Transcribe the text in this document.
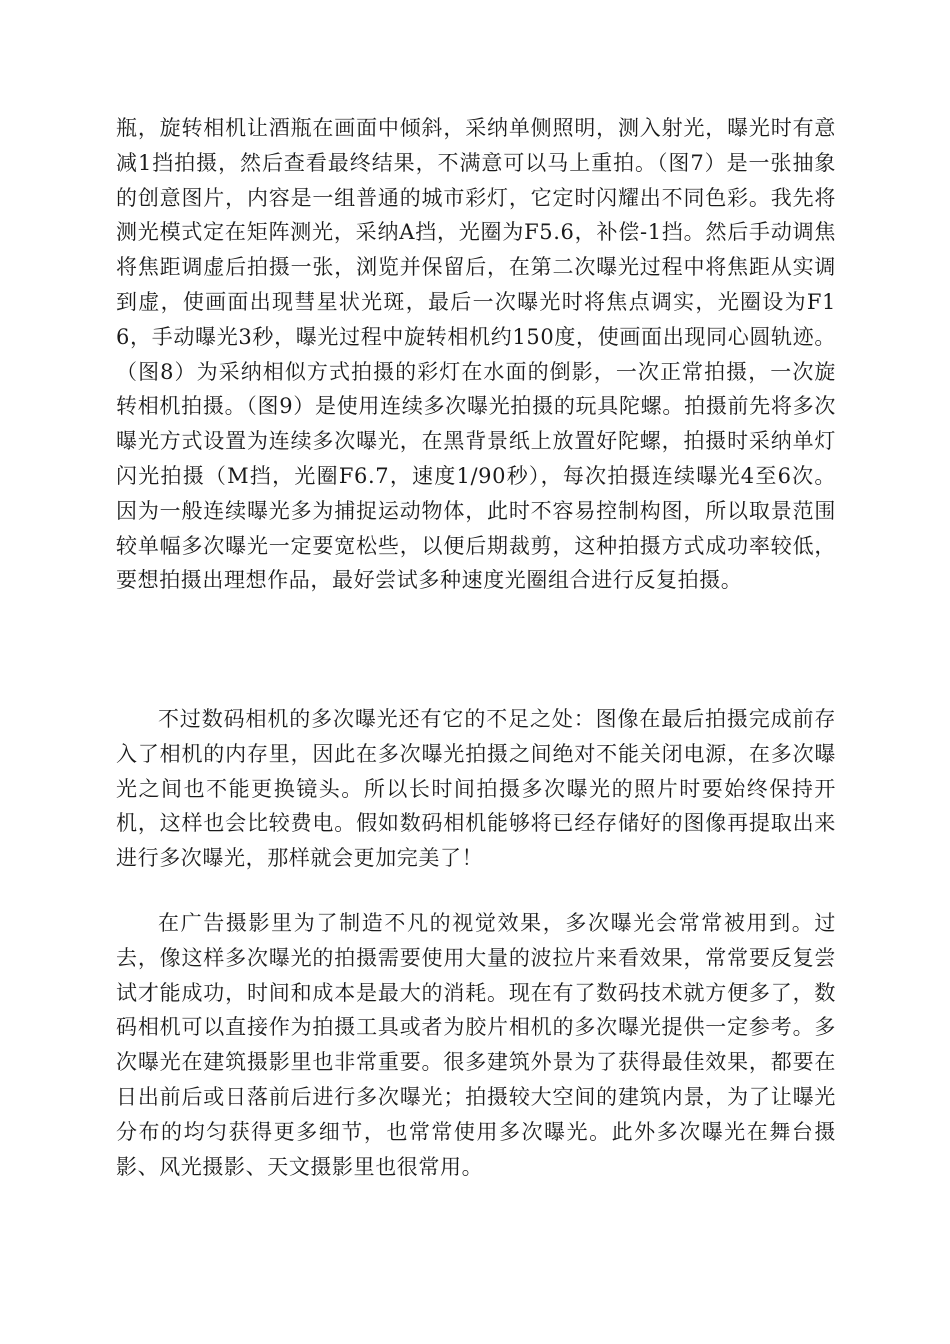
瓶，旋转相机让酒瓶在画面中倾斜，采纳单侧照明，测入射光，曝光时有意减1挡拍摄，然后查看最终结果，不满意可以马上重拍。（图7）是一张抽象的创意图片，内容是一组普通的城市彩灯，它定时闪耀出不同色彩。我先将测光模式定在矩阵测光，采纳A挡，光圈为F5.6，补偿-1挡。然后手动调焦将焦距调虚后拍摄一张，浏览并保留后，在第二次曝光过程中将焦距从实调到虚，使画面出现彗星状光斑，最后一次曝光时将焦点调实，光圈设为F16，手动曝光3秒，曝光过程中旋转相机约150度，使画面出现同心圆轨迹。（图8）为采纳相似方式拍摄的彩灯在水面的倒影，一次正常拍摄，一次旋转相机拍摄。（图9）是使用连续多次曝光拍摄的玩具陀螺。拍摄前先将多次曝光方式设置为连续多次曝光，在黑背景纸上放置好陀螺，拍摄时采纳单灯闪光拍摄（M挡，光圈F6.7，速度1/90秒），每次拍摄连续曝光4至6次。因为一般连续曝光多为捕捉运动物体，此时不容易控制构图，所以取景范围较单幅多次曝光一定要宽松些，以便后期裁剪，这种拍摄方式成功率较低，要想拍摄出理想作品，最好尝试多种速度光圈组合进行反复拍摄。

不过数码相机的多次曝光还有它的不足之处：图像在最后拍摄完成前存入了相机的内存里，因此在多次曝光拍摄之间绝对不能关闭电源，在多次曝光之间也不能更换镜头。所以长时间拍摄多次曝光的照片时要始终保持开机，这样也会比较费电。假如数码相机能够将已经存储好的图像再提取出来进行多次曝光，那样就会更加完美了！

在广告摄影里为了制造不凡的视觉效果，多次曝光会常常被用到。过去，像这样多次曝光的拍摄需要使用大量的波拉片来看效果，常常要反复尝试才能成功，时间和成本是最大的消耗。现在有了数码技术就方便多了，数码相机可以直接作为拍摄工具或者为胶片相机的多次曝光提供一定参考。多次曝光在建筑摄影里也非常重要。很多建筑外景为了获得最佳效果，都要在日出前后或日落前后进行多次曝光；拍摄较大空间的建筑内景，为了让曝光分布的均匀获得更多细节，也常常使用多次曝光。此外多次曝光在舞台摄影、风光摄影、天文摄影里也很常用。
